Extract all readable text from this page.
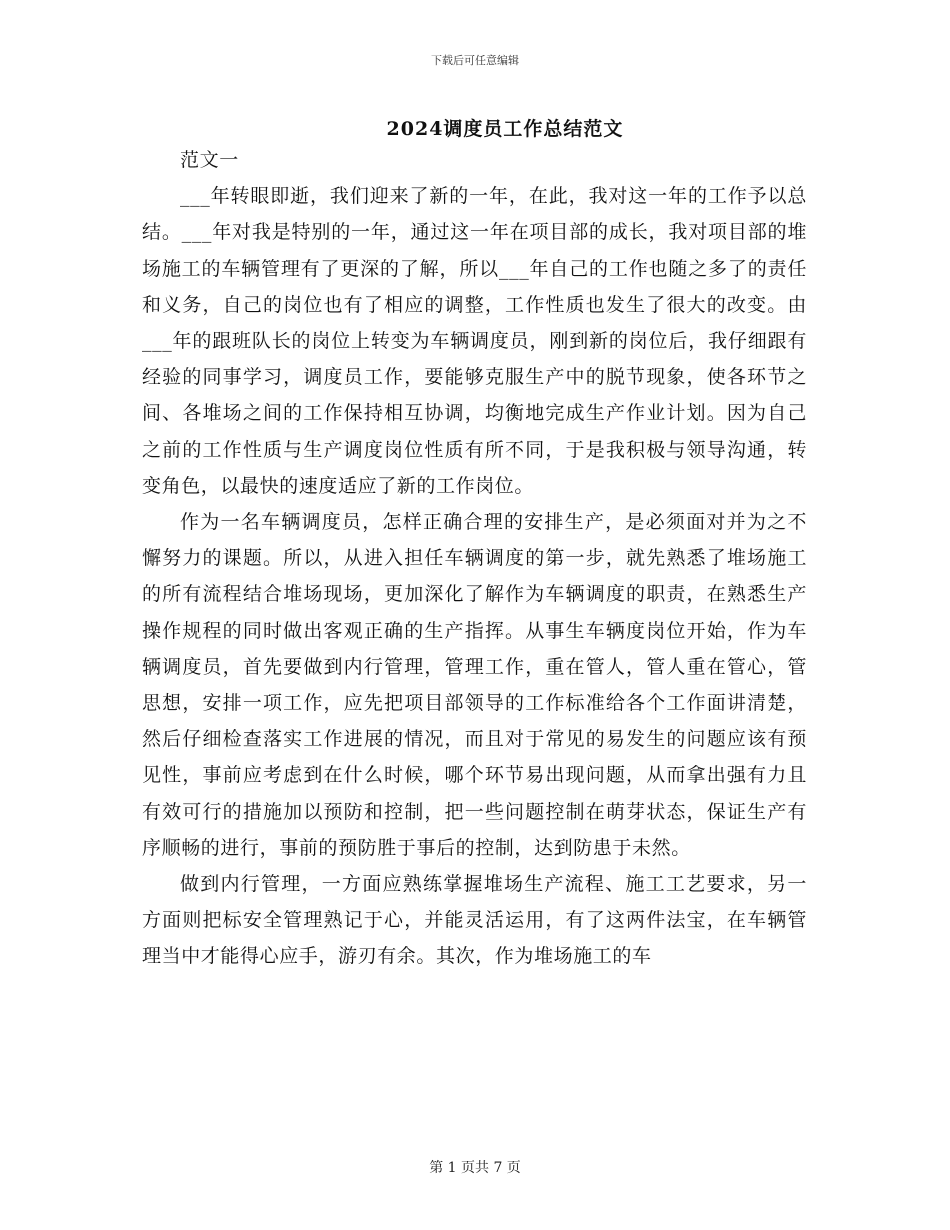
下载后可任意编辑
2024调度员工作总结范文

范文一

___年转眼即逝，我们迎来了新的一年，在此，我对这一年的工作予以总结。___年对我是特别的一年，通过这一年在项目部的成长，我对项目部的堆场施工的车辆管理有了更深的了解，所以___年自己的工作也随之多了的责任和义务，自己的岗位也有了相应的调整，工作性质也发生了很大的改变。由___年的跟班队长的岗位上转变为车辆调度员，刚到新的岗位后，我仔细跟有经验的同事学习，调度员工作，要能够克服生产中的脱节现象，使各环节之间、各堆场之间的工作保持相互协调，均衡地完成生产作业计划。因为自己之前的工作性质与生产调度岗位性质有所不同，于是我积极与领导沟通，转变角色，以最快的速度适应了新的工作岗位。

作为一名车辆调度员，怎样正确合理的安排生产，是必须面对并为之不懈努力的课题。所以，从进入担任车辆调度的第一步，就先熟悉了堆场施工的所有流程结合堆场现场，更加深化了解作为车辆调度的职责，在熟悉生产操作规程的同时做出客观正确的生产指挥。从事生车辆度岗位开始，作为车辆调度员，首先要做到内行管理，管理工作，重在管人，管人重在管心，管思想，安排一项工作，应先把项目部领导的工作标准给各个工作面讲清楚，然后仔细检查落实工作进展的情况，而且对于常见的易发生的问题应该有预见性，事前应考虑到在什么时候，哪个环节易出现问题，从而拿出强有力且有效可行的措施加以预防和控制，把一些问题控制在萌芽状态，保证生产有序顺畅的进行，事前的预防胜于事后的控制，达到防患于未然。

做到内行管理，一方面应熟练掌握堆场生产流程、施工工艺要求，另一方面则把标安全管理熟记于心，并能灵活运用，有了这两件法宝，在车辆管理当中才能得心应手，游刃有余。其次，作为堆场施工的车

第 1 页共 7 页
